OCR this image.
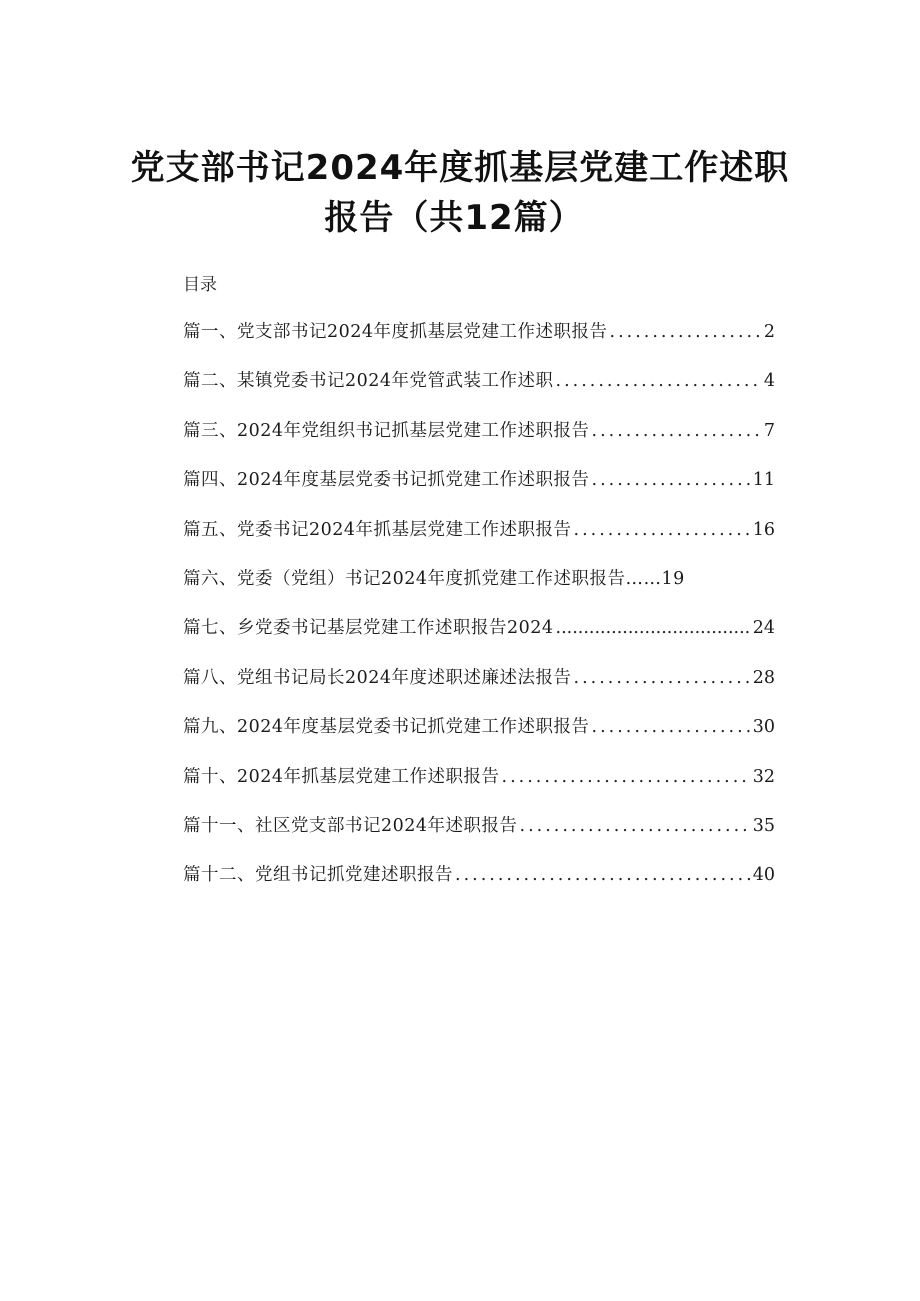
党支部书记2024年度抓基层党建工作述职
报告（共12篇）
目录
篇一、党支部书记2024年度抓基层党建工作述职报告 .....	2
篇二、某镇党委书记2024年党管武装工作述职 .....	4
篇三、2024年党组织书记抓基层党建工作述职报告 .....	7
篇四、2024年度基层党委书记抓党建工作述职报告 .....	11
篇五、党委书记2024年抓基层党建工作述职报告 .....	16
篇六、党委（党组）书记2024年度抓党建工作述职报告……19
篇七、乡党委书记基层党建工作述职报告2024 .....	24
篇八、党组书记局长2024年度述职述廉述法报告 .....	28
篇九、2024年度基层党委书记抓党建工作述职报告 .....	30
篇十、2024年抓基层党建工作述职报告 .....	32
篇十一、社区党支部书记2024年述职报告 .....	35
篇十二、党组书记抓党建述职报告 .....	40
